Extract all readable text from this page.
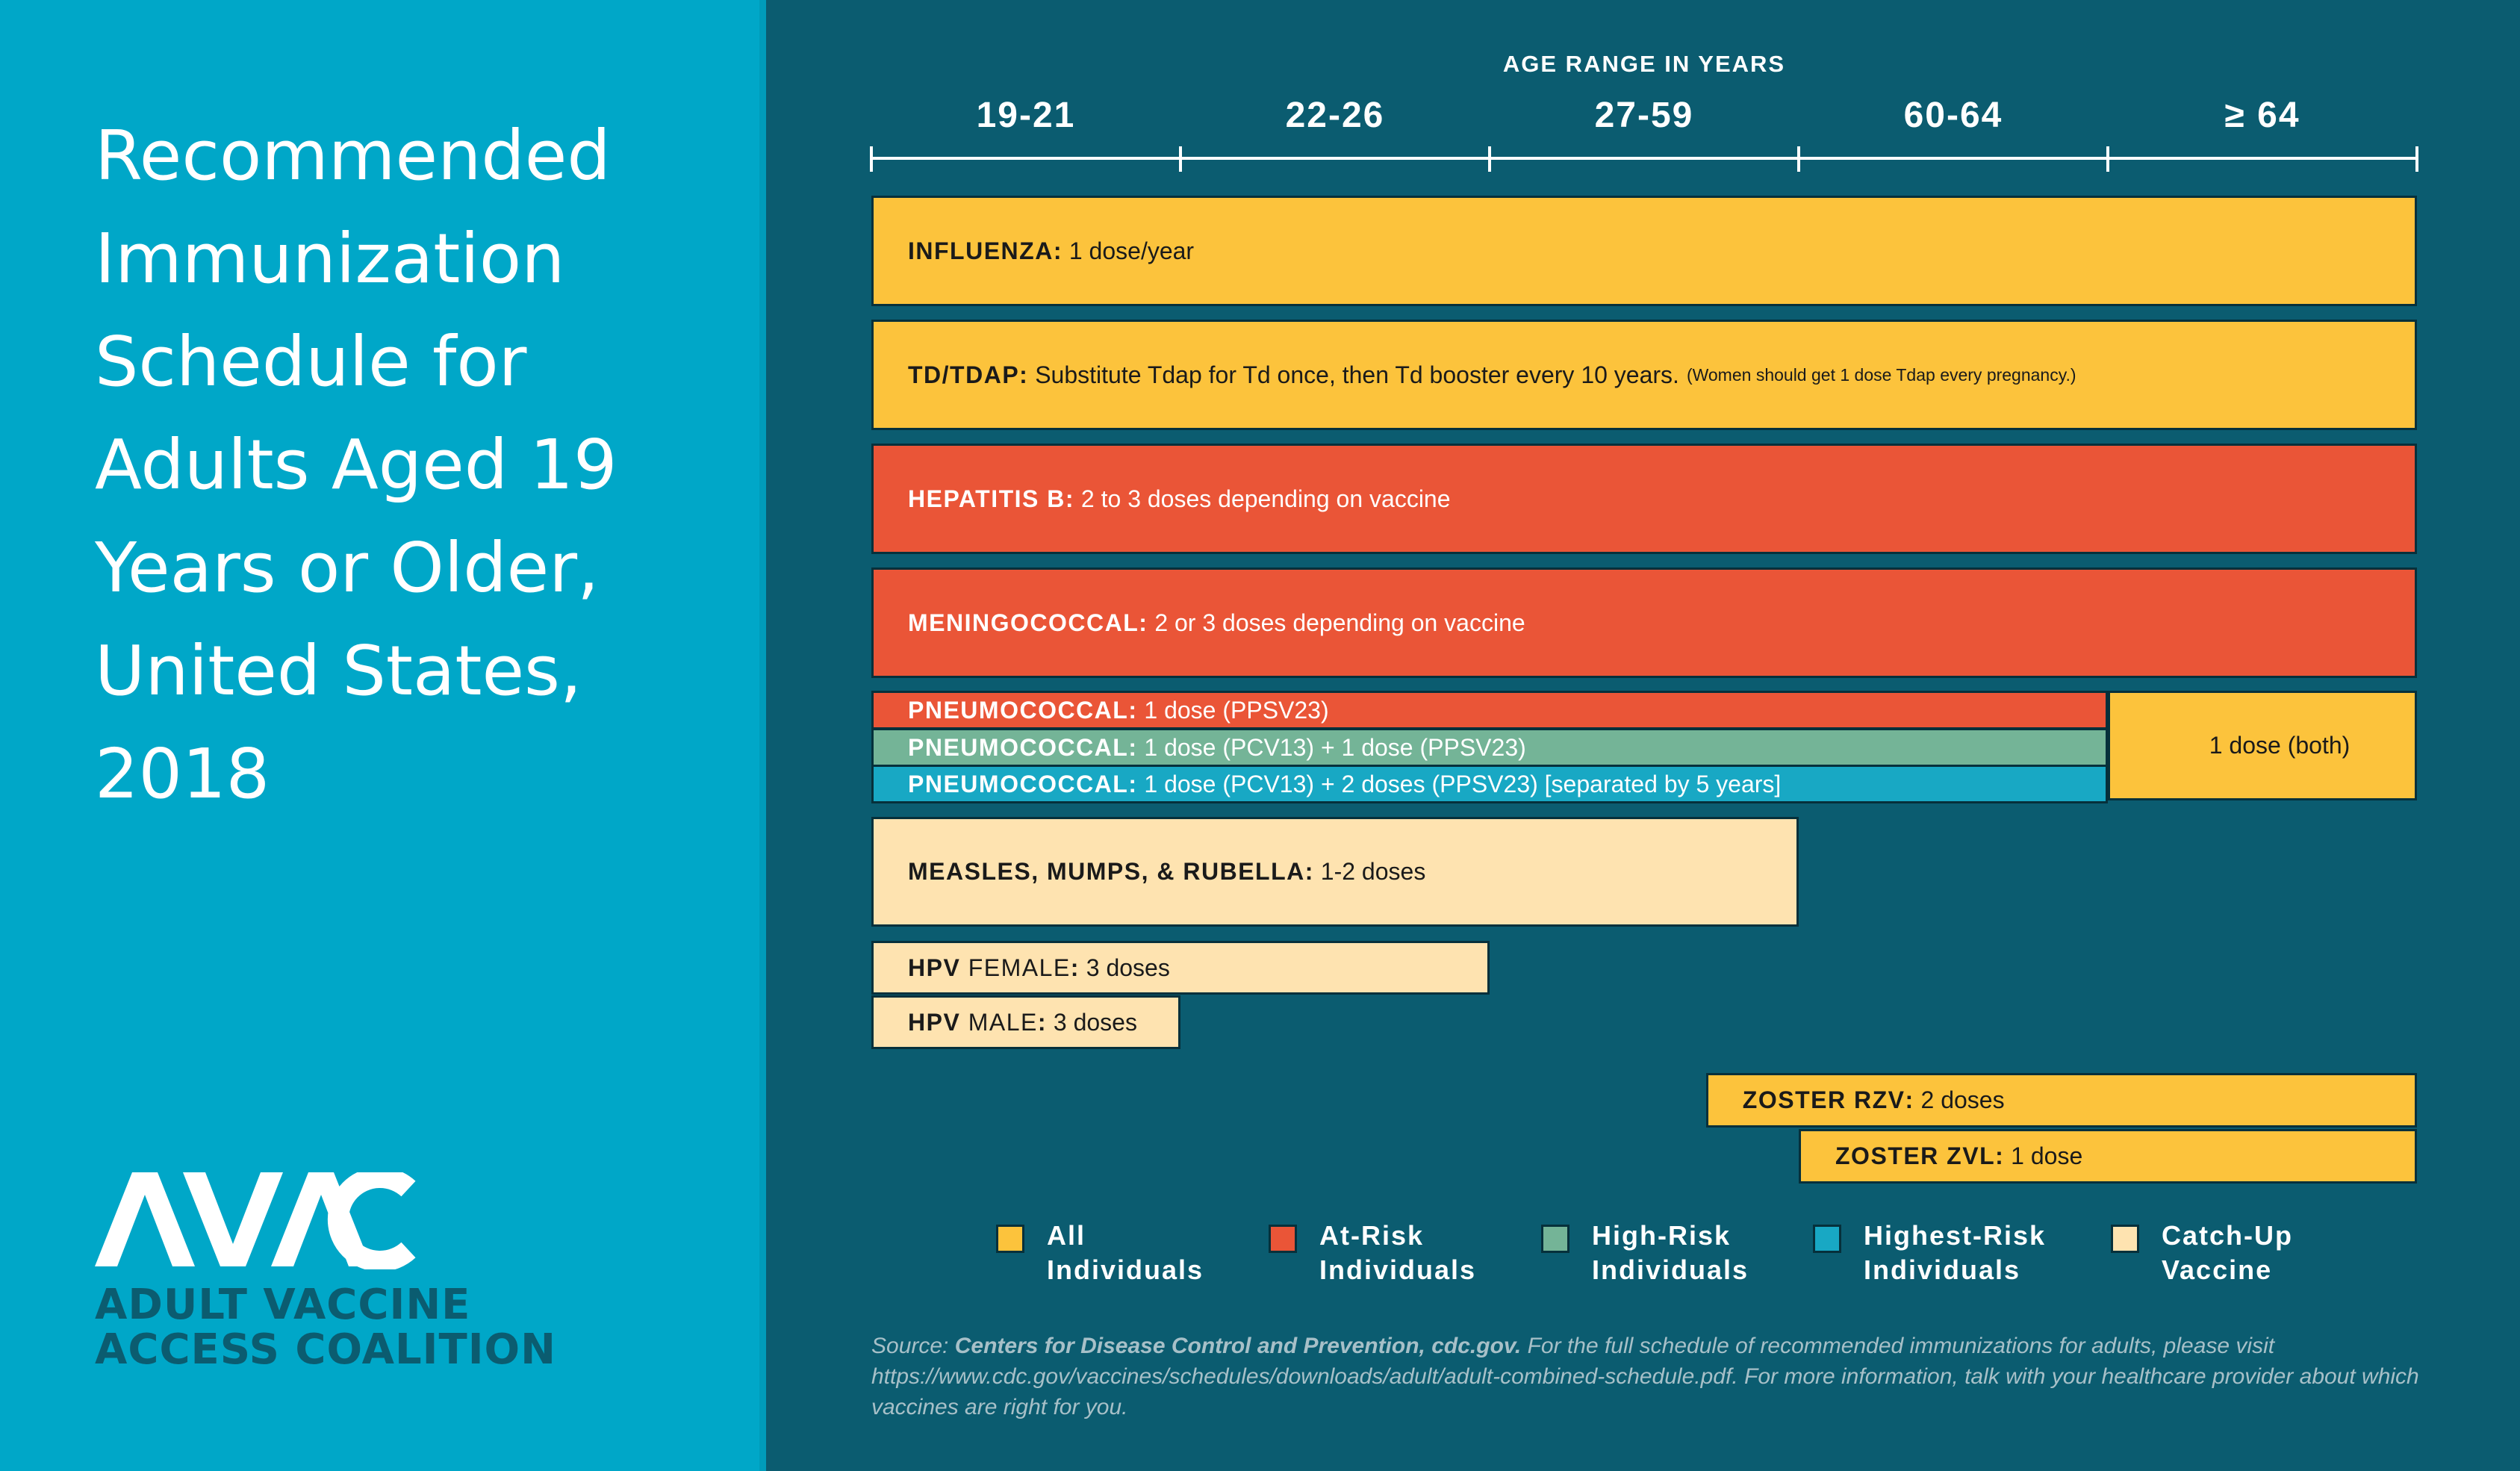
Recommended
Immunization
Schedule for
Adults Aged 19
Years or Older,
United States,
2018
ADULT VACCINE
ACCESS COALITION
AGE RANGE IN YEARS
19-21	22-26	27-59	60-64	≥ 64
INFLUENZA : 1 dose/year
TD/TDAP : Substitute Tdap for Td once, then Td booster every 10 years. (Women should get 1 dose Tdap every pregnancy.)
HEPATITIS B : 2 to 3 doses depending on vaccine
MENINGOCOCCAL : 2 or 3 doses depending on vaccine
PNEUMOCOCCAL : 1 dose (PPSV23)
PNEUMOCOCCAL : 1 dose (PCV13) + 1 dose (PPSV23)
PNEUMOCOCCAL : 1 dose (PCV13) + 2 doses (PPSV23) [separated by 5 years]
1 dose (both)
MEASLES, MUMPS, & RUBELLA : 1-2 doses
HPV FEMALE : 3 doses
HPV MALE : 3 doses
ZOSTER RZV : 2 doses
ZOSTER ZVL : 1 dose
All
Individuals
At-Risk
Individuals
High-Risk
Individuals
Highest-Risk
Individuals
Catch-Up
Vaccine
Source: Centers for Disease Control and Prevention, cdc.gov. For the full schedule of recommended immunizations for adults, please visit https://www.cdc.gov/vaccines/schedules/downloads/adult/adult-combined-schedule.pdf. For more information, talk with your healthcare provider about which vaccines are right for you.
